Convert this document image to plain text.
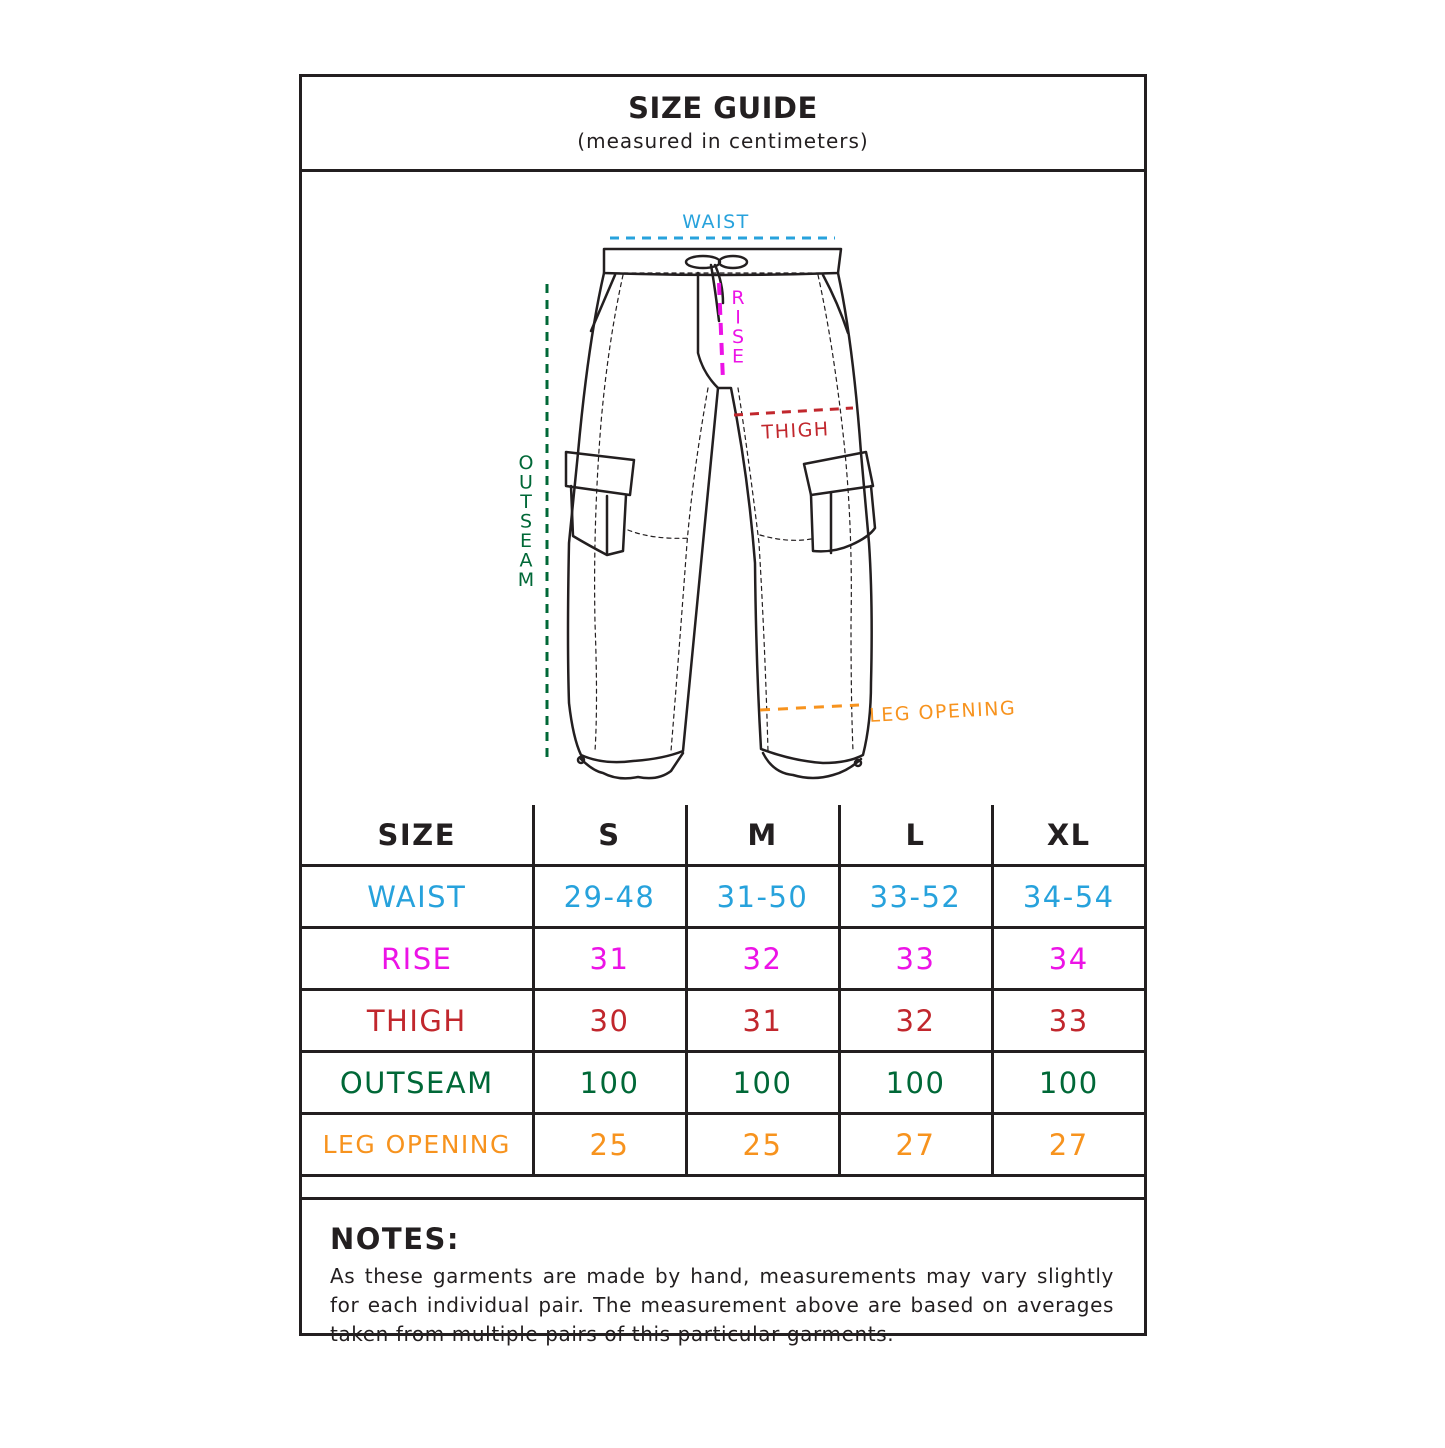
SIZE GUIDE
(measured in centimeters)
WAIST
THIGH
LEG OPENING
R I S E
O U T S E A M
SIZE	S	M	L	XL
WAIST	29-48	31-50	33-52	34-54
RISE	31	32	33	34
THIGH	30	31	32	33
OUTSEAM	100	100	100	100
LEG OPENING	25	25	27	27
NOTES:
As these garments are made by hand, measurements may vary slightly for each individual pair. The measurement above are based on averages taken from multiple pairs of this particular garments.
